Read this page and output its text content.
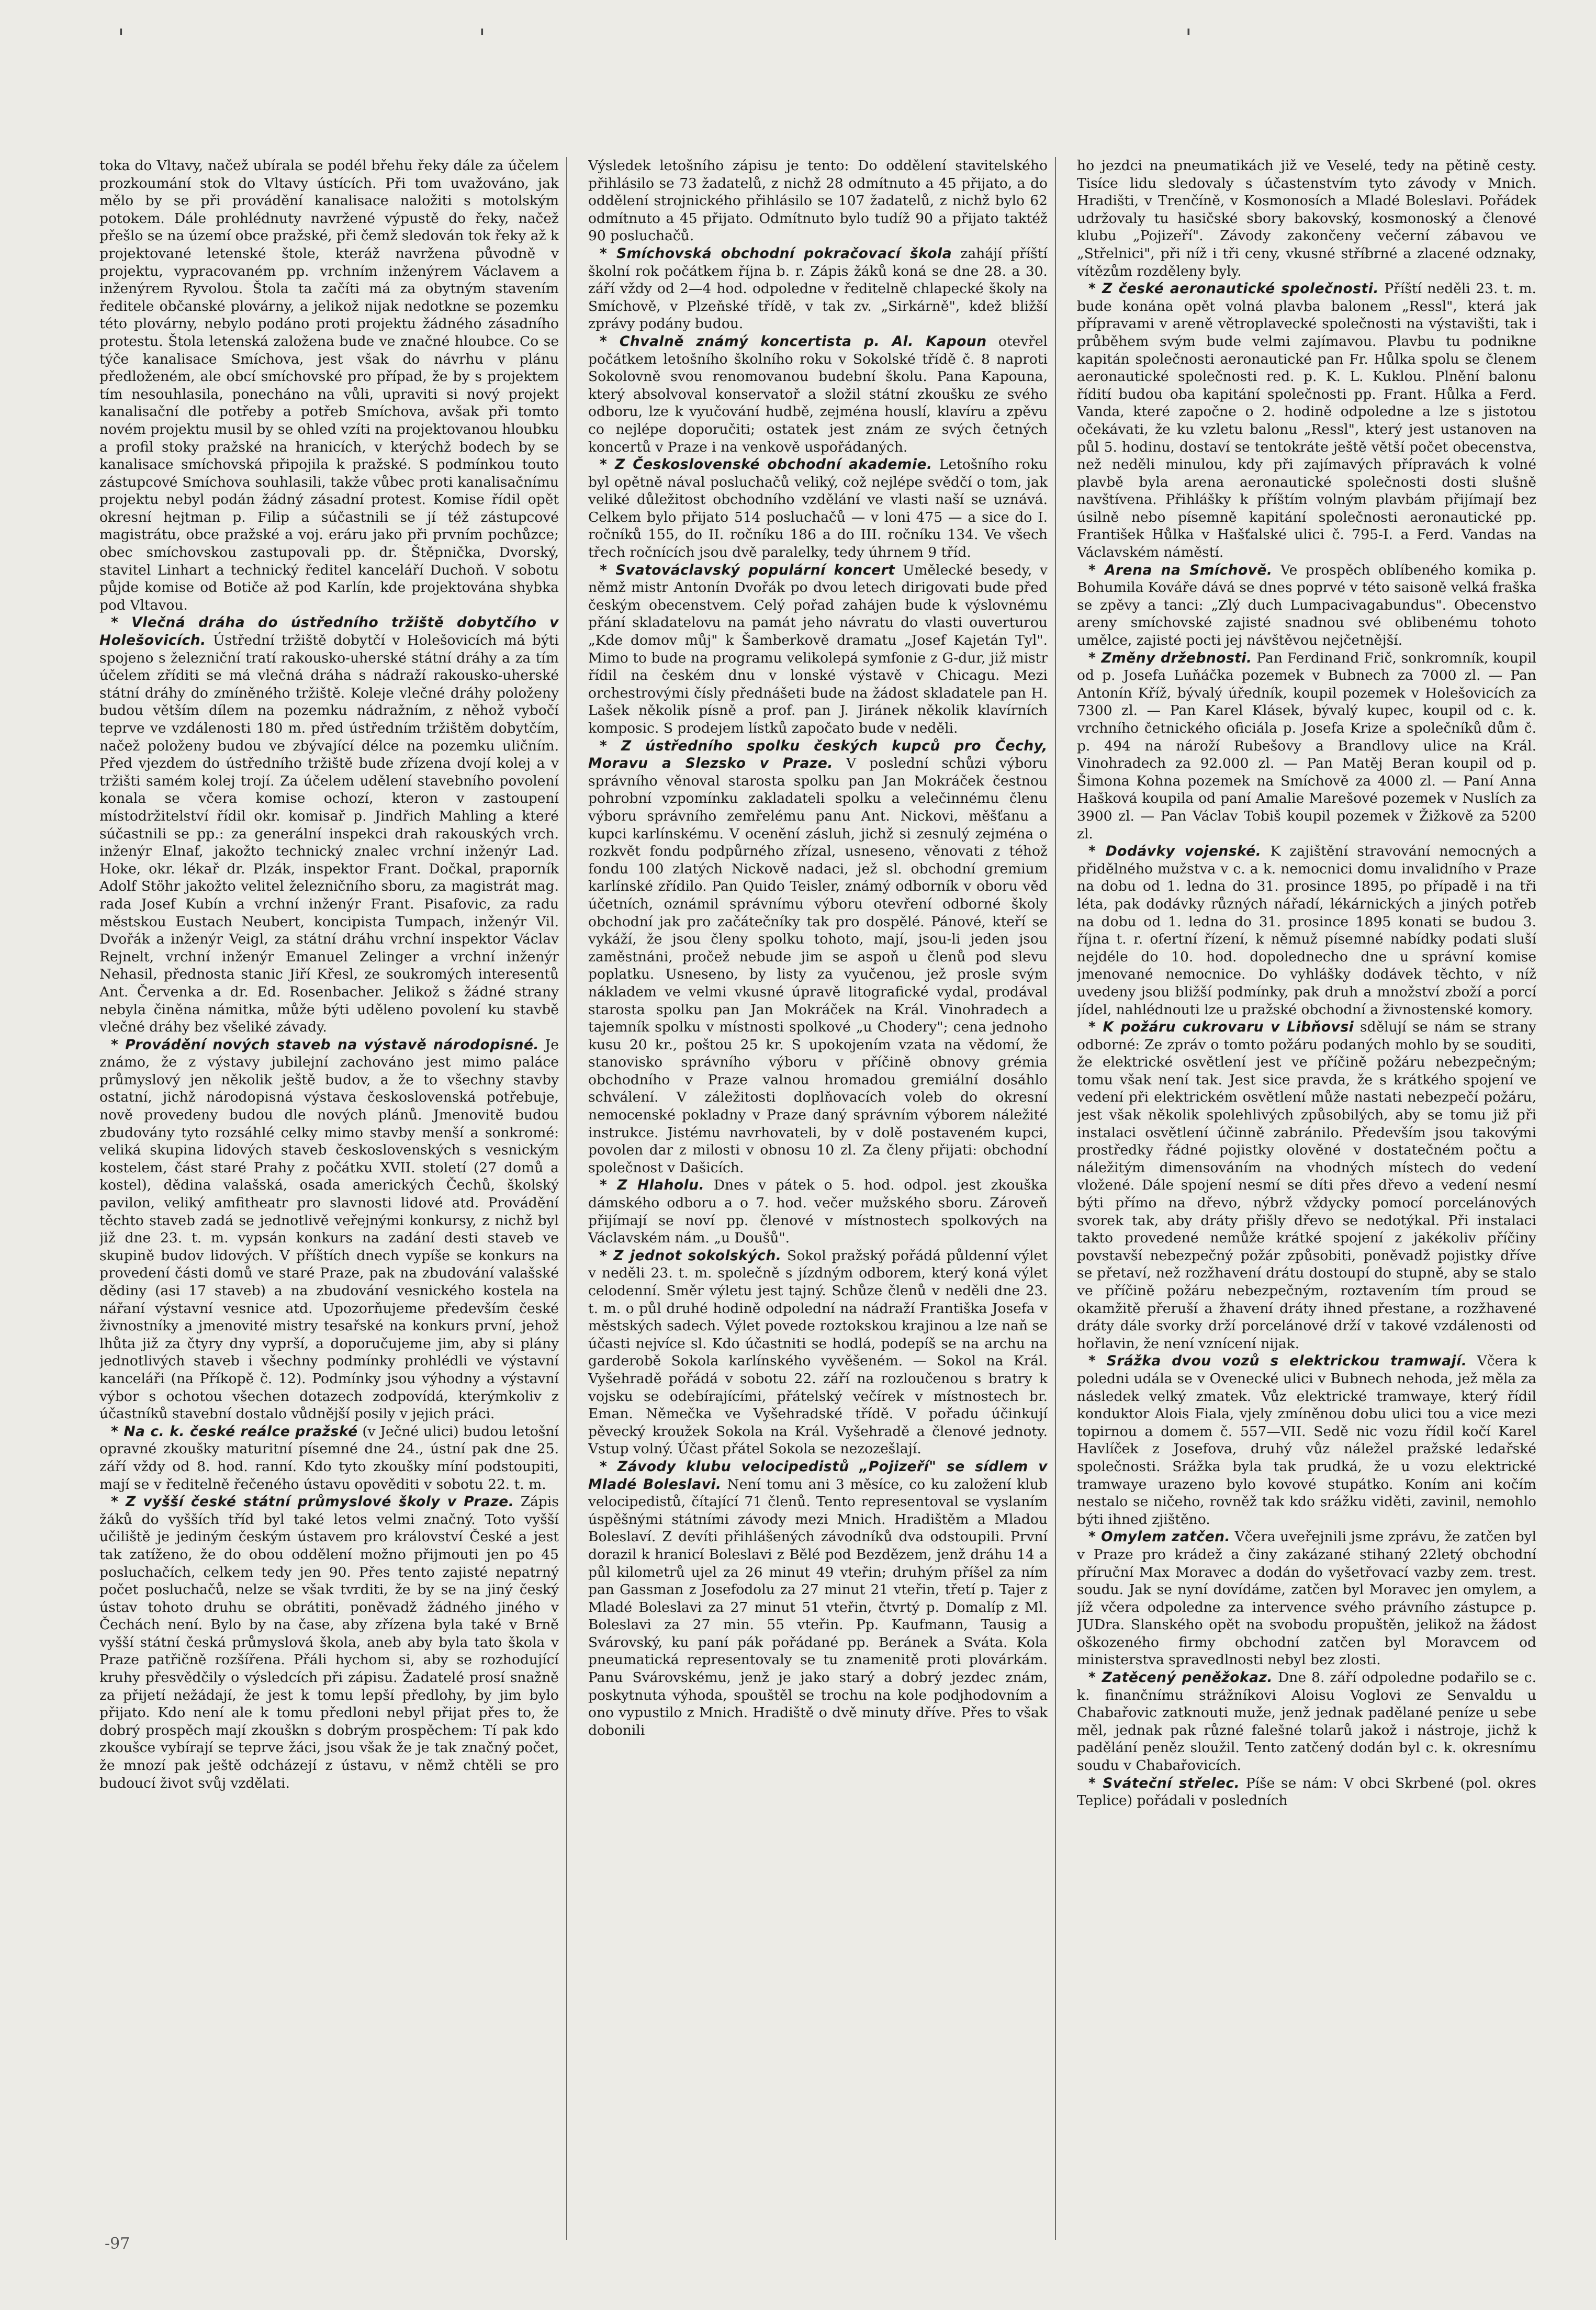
'	'	'

toka do Vltavy, načež ubírala se podél břehu řeky dále za účelem prozkoumání stok do Vltavy ústících. Při tom uvažováno, jak mělo by se při provádění kanalisace naložiti s motolským potokem. Dále prohlédnuty navržené výpustě do řeky, načež přešlo se na území obce pražské, při čemž sledován tok řeky až k projektované letenské štole, kteráž navržena původně v projektu, vypracovaném pp. vrchním inženýrem Václavem a inženýrem Ryvolou. Štola ta začíti má za obytným stavením ředitele občanské plovárny, a jelikož nijak nedotkne se pozemku této plovárny, nebylo podáno proti projektu žádného zásadního protestu. Štola letenská založena bude ve značné hloubce. Co se týče kanalisace Smíchova, jest však do návrhu v plánu předloženém, ale obcí smíchovské pro případ, že by s projektem tím nesouhlasila, ponecháno na vůli, upraviti si nový projekt kanalisační dle potřeby a potřeb Smíchova, avšak při tomto novém projektu musil by se ohled vzíti na projektovanou hloubku a profil stoky pražské na hranicích, v kterýchž bodech by se kanalisace smíchovská připojila k pražské. S podmínkou touto zástupcové Smíchova souhlasili, takže vůbec proti kanalisačnímu projektu nebyl podán žádný zásadní protest. Komise řídil opět okresní hejtman p. Filip a súčastnili se jí též zástupcové magistrátu, obce pražské a voj. eráru jako při prvním pochůzce; obec smíchovskou zastupovali pp. dr. Štěpnička, Dvorský, stavitel Linhart a technický ředitel kanceláří Duchoň. V sobotu půjde komise od Botiče až pod Karlín, kde projektována shybka pod Vltavou.

* Vlečná dráha do ústředního tržiště dobytčího v Holešovicích. Ústřední tržiště dobytčí v Holešovicích má býti spojeno s železniční tratí rakousko-uherské státní dráhy a za tím účelem zříditi se má vlečná dráha s nádraží rakousko-uherské státní dráhy do zmíněného tržiště. Koleje vlečné dráhy položeny budou větším dílem na pozemku nádražním, z něhož vybočí teprve ve vzdálenosti 180 m. před ústředním tržištěm dobytčím, načež položeny budou ve zbývající délce na pozemku uličním. Před vjezdem do ústředního tržiště bude zřízena dvojí kolej a v tržišti samém kolej trojí. Za účelem udělení stavebního povolení konala se včera komise ochozí, kteron v zastoupení místodržitelství řídil okr. komisař p. Jindřich Mahling a které súčastnili se pp.: za generální inspekci drah rakouských vrch. inženýr Elnaf, jakožto technický znalec vrchní inženýr Lad. Hoke, okr. lékař dr. Plzák, inspektor Frant. Dočkal, praporník Adolf Stöhr jakožto velitel železničního sboru, za magistrát mag. rada Josef Kubín a vrchní inženýr Frant. Pisafovic, za radu městskou Eustach Neubert, koncipista Tumpach, inženýr Vil. Dvořák a inženýr Veigl, za státní dráhu vrchní inspektor Václav Rejnelt, vrchní inženýr Emanuel Zelinger a vrchní inženýr Nehasil, přednosta stanic Jiří Křesl, ze soukromých interesentů Ant. Červenka a dr. Ed. Rosenbacher. Jelikož s žádné strany nebyla činěna námitka, může býti uděleno povolení ku stavbě vlečné dráhy bez všeliké závady.

* Provádění nových staveb na výstavě národopisné. Je známo, že z výstavy jubilejní zachováno jest mimo paláce průmyslový jen několik ještě budov, a že to všechny stavby ostatní, jichž národopisná výstava československá potřebuje, nově provedeny budou dle nových plánů. Jmenovitě budou zbudovány tyto rozsáhlé celky mimo stavby menší a sonkromé: veliká skupina lidových staveb československých s vesnickým kostelem, část staré Prahy z počátku XVII. století (27 domů a kostel), dědina valašská, osada amerických Čechů, školský pavilon, veliký amfitheatr pro slavnosti lidové atd. Provádění těchto staveb zadá se jednotlivě veřejnými konkursy, z nichž byl již dne 23. t. m. vypsán konkurs na zadání desti staveb ve skupině budov lidových. V příštích dnech vypíše se konkurs na provedení části domů ve staré Praze, pak na zbudování valašské dědiny (asi 17 staveb) a na zbudování vesnického kostela na nářaní výstavní vesnice atd. Upozorňujeme především české živnostníky a jmenovité mistry tesařské na konkurs první, jehož lhůta již za čtyry dny vyprší, a doporučujeme jim, aby si plány jednotlivých staveb i všechny podmínky prohlédli ve výstavní kanceláři (na Příkopě č. 12). Podmínky jsou výhodny a výstavní výbor s ochotou všechen dotazech zodpovídá, kterýmkoliv z účastníků stavební dostalo vůdnější posily v jejich práci.

* Na c. k. české reálce pražské (v Ječné ulici) budou letošní opravné zkoušky maturitní písemné dne 24., ústní pak dne 25. září vždy od 8. hod. ranní. Kdo tyto zkoušky míní podstoupiti, mají se v ředitelně řečeného ústavu opověditi v sobotu 22. t. m.

* Z vyšší české státní průmyslové školy v Praze. Zápis žáků do vyšších tříd byl také letos velmi značný. Toto vyšší učiliště je jediným českým ústavem pro království České a jest tak zatíženo, že do obou oddělení možno přijmouti jen po 45 posluchačích, celkem tedy jen 90. Přes tento zajisté nepatrný počet posluchačů, nelze se však tvrditi, že by se na jiný český ústav tohoto druhu se obrátiti, poněvadž žádného jiného v Čechách není. Bylo by na čase, aby zřízena byla také v Brně vyšší státní česká průmyslová škola, aneb aby byla tato škola v Praze patřičně rozšířena. Přáli hychom si, aby se rozhodující kruhy přesvědčily o výsledcích při zápisu. Žadatelé prosí snažně za přijetí nežádají, že jest k tomu lepší předlohy, by jim bylo přijato. Kdo není ale k tomu předloni nebyl přijat přes to, že dobrý prospěch mají zkouškn s dobrým prospěchem: Tí pak kdo zkoušce vybírají se teprve žáci, jsou však že je tak značný počet, že mnozí pak ještě odcházejí z ústavu, v němž chtěli se pro budoucí život svůj vzdělati.

Výsledek letošního zápisu je tento: Do oddělení stavitelského přihlásilo se 73 žadatelů, z nichž 28 odmítnuto a 45 přijato, a do oddělení strojnického přihlásilo se 107 žadatelů, z nichž bylo 62 odmítnuto a 45 přijato. Odmítnuto bylo tudíž 90 a přijato taktéž 90 posluchačů.

* Smíchovská obchodní pokračovací škola zahájí příští školní rok počátkem října b. r. Zápis žáků koná se dne 28. a 30. září vždy od 2—4 hod. odpoledne v ředitelně chlapecké školy na Smíchově, v Plzeňské třídě, v tak zv. „Sirkárně", kdež bližší zprávy podány budou.

* Chvalně známý koncertista p. Al. Kapoun otevřel počátkem letošního školního roku v Sokolské třídě č. 8 naproti Sokolovně svou renomovanou budební školu. Pana Kapouna, který absolvoval konservatoř a složil státní zkoušku ze svého odboru, lze k vyučování hudbě, zejména houslí, klavíru a zpěvu co nejlépe doporučiti; ostatek jest znám ze svých četných koncertů v Praze i na venkově uspořádaných.

* Z Československé obchodní akademie. Letošního roku byl opětně nával posluchačů veliký, což nejlépe svědčí o tom, jak veliké důležitost obchodního vzdělání ve vlasti naší se uznává. Celkem bylo přijato 514 posluchačů — v loni 475 — a sice do I. ročníků 155, do II. ročníku 186 a do III. ročníku 134. Ve všech třech ročnících jsou dvě paralelky, tedy úhrnem 9 tříd.

* Svatováclavský populární koncert Umělecké besedy, v němž mistr Antonín Dvořák po dvou letech dirigovati bude před českým obecenstvem. Celý pořad zahájen bude k výslovnému přání skladatelovu na památ jeho návratu do vlasti ouverturou „Kde domov můj" k Šamberkově dramatu „Josef Kajetán Tyl". Mimo to bude na programu velikolepá symfonie z G-dur, již mistr řídil na českém dnu v lonské výstavě v Chicagu. Mezi orchestrovými čísly přednášeti bude na žádost skladatele pan H. Lašek několik písně a prof. pan J. Jiránek několik klavírních komposic. S prodejem lístků započato bude v neděli.

* Z ústředního spolku českých kupců pro Čechy, Moravu a Slezsko v Praze. V poslední schůzi výboru správního věnoval starosta spolku pan Jan Mokráček čestnou pohrobní vzpomínku zakladateli spolku a velečinnému členu výboru správního zemřelému panu Ant. Nickovi, měšťanu a kupci karlínskému. V ocenění zásluh, jichž si zesnulý zejména o rozkvět fondu podpůrného zřízal, usneseno, věnovati z téhož fondu 100 zlatých Nickově nadaci, jež sl. obchodní gremium karlínské zřídilo. Pan Quido Teisler, známý odborník v oboru věd účetních, oznámil správnímu výboru otevření odborné školy obchodní jak pro začátečníky tak pro dospělé. Pánové, kteří se vykáží, že jsou členy spolku tohoto, mají, jsou-li jeden jsou zaměstnáni, pročež nebude jim se aspoň u členů pod slevu poplatku. Usneseno, by listy za vyučenou, jež prosle svým nákladem ve velmi vkusné úpravě litografické vydal, prodával starosta spolku pan Jan Mokráček na Král. Vinohradech a tajemník spolku v místnosti spolkové „u Chodery"; cena jednoho kusu 20 kr., poštou 25 kr. S upokojením vzata na vědomí, že stanovisko správního výboru v příčině obnovy grémia obchodního v Praze valnou hromadou gremiální dosáhlo schválení. V záležitosti doplňovacích voleb do okresní nemocenské pokladny v Praze daný správním výborem náležité instrukce. Jistému navrhovateli, by v dolě postaveném kupci, povolen dar z milosti v obnosu 10 zl. Za členy přijati: obchodní společnost v Dašicích.

* Z Hlaholu. Dnes v pátek o 5. hod. odpol. jest zkouška dámského odboru a o 7. hod. večer mužského sboru. Zároveň přijímají se noví pp. členové v místnostech spolkových na Václavském nám. „u Doušů".

* Z jednot sokolských. Sokol pražský pořádá půldenní výlet v neděli 23. t. m. společně s jízdným odborem, který koná výlet celodenní. Směr výletu jest tajný. Schůze členů v neděli dne 23. t. m. o půl druhé hodině odpolední na nádraží Františka Josefa v městských sadech. Výlet povede roztokskou krajinou a lze naň se účasti nejvíce sl. Kdo účastniti se hodlá, podepíš se na archu na garderobě Sokola karlínského vyvěšeném. — Sokol na Král. Vyšehradě pořádá v sobotu 22. září na rozloučenou s bratry k vojsku se odebírajícími, přátelský večírek v místnostech br. Eman. Němečka ve Vyšehradské třídě. V pořadu účinkují pěvecký kroužek Sokola na Král. Vyšehradě a členové jednoty. Vstup volný. Účast přátel Sokola se nezozešlají.

* Závody klubu velocipedistů „Pojizeří" se sídlem v Mladé Boleslavi. Není tomu ani 3 měsíce, co ku založení klub velocipedistů, čítající 71 členů. Tento representoval se vyslaním úspěšnými státními závody mezi Mnich. Hradištěm a Mladou Boleslaví. Z devíti přihlášených závodníků dva odstoupili. První dorazil k hranicí Boleslavi z Bělé pod Bezdězem, jenž dráhu 14 a půl kilometrů ujel za 26 minut 49 vteřin; druhým příšel za ním pan Gassman z Josefodolu za 27 minut 21 vteřin, třetí p. Tajer z Mladé Boleslavi za 27 minut 51 vteřin, čtvrtý p. Domalíp z Ml. Boleslavi za 27 min. 55 vteřin. Pp. Kaufmann, Tausig a Svárovský, ku paní pák pořádané pp. Beránek a Sváta. Kola pneumatická representovaly se tu znamenitě proti plovárkám. Panu Svárovskému, jenž je jako starý a dobrý jezdec znám, poskytnuta výhoda, spouštěl se trochu na kole podjhodovním a ono vypustilo z Mnich. Hradiště o dvě minuty dříve. Přes to však dobonili

ho jezdci na pneumatikách již ve Veselé, tedy na pětině cesty. Tisíce lidu sledovaly s účastenstvím tyto závody v Mnich. Hradišti, v Trenčíně, v Kosmonosích a Mladé Boleslavi. Pořádek udržovaly tu hasičské sbory bakovský, kosmonoský a členové klubu „Pojizeří". Závody zakončeny večerní zábavou ve „Střelnici", při níž i tři ceny, vkusné stříbrné a zlacené odznaky, vítězům rozděleny byly.

* Z české aeronautické společnosti. Příští neděli 23. t. m. bude konána opět volná plavba balonem „Ressl", která jak přípravami v areně větroplavecké společnosti na výstavišti, tak i průběhem svým bude velmi zajímavou. Plavbu tu podnikne kapitán společnosti aeronautické pan Fr. Hůlka spolu se členem aeronautické společnosti red. p. K. L. Kuklou. Plnění balonu řídití budou oba kapitání společnosti pp. Frant. Hůlka a Ferd. Vanda, které započne o 2. hodině odpoledne a lze s jistotou očekávati, že ku vzletu balonu „Ressl", který jest ustanoven na půl 5. hodinu, dostaví se tentokráte ještě větší počet obecenstva, než neděli minulou, kdy při zajímavých přípravách k volné plavbě byla arena aeronautické společnosti dosti slušně navštívena. Přihlášky k příštím volným plavbám přijímají bez úsilně nebo písemně kapitání společnosti aeronautické pp. František Hůlka v Hašťalské ulici č. 795-I. a Ferd. Vandas na Václavském náměstí.

* Arena na Smíchově. Ve prospěch oblíbeného komika p. Bohumila Kováře dává se dnes poprvé v této saisoně velká fraška se zpěvy a tanci: „Zlý duch Lumpacivagabundus". Obecenstvo areny smíchovské zajisté snadnou své oblibenému tohoto umělce, zajisté pocti jej návštěvou nejčetnější.

* Změny držebnosti. Pan Ferdinand Frič, sonkromník, koupil od p. Josefa Luňáčka pozemek v Bubnech za 7000 zl. — Pan Antonín Kříž, bývalý úředník, koupil pozemek v Holešovicích za 7300 zl. — Pan Karel Klásek, bývalý kupec, koupil od c. k. vrchního četnického oficiála p. Josefa Krize a společníků dům č. p. 494 na nároží Rubešovy a Brandlovy ulice na Král. Vinohradech za 92.000 zl. — Pan Matěj Beran koupil od p. Šimona Kohna pozemek na Smíchově za 4000 zl. — Paní Anna Hašková koupila od paní Amalie Marešové pozemek v Nuslích za 3900 zl. — Pan Václav Tobiš koupil pozemek v Žižkově za 5200 zl.

* Dodávky vojenské. K zajištění stravování nemocných a přidělného mužstva v c. a k. nemocnici domu invalidního v Praze na dobu od 1. ledna do 31. prosince 1895, po případě i na tři léta, pak dodávky různých nářadí, lékárnických a jiných potřeb na dobu od 1. ledna do 31. prosince 1895 konati se budou 3. října t. r. ofertní řízení, k němuž písemné nabídky podati sluší nejdéle do 10. hod. dopolednecho dne u správní komise jmenované nemocnice. Do vyhlášky dodávek těchto, v níž uvedeny jsou bližší podmínky, pak druh a množství zboží a porcí jídel, nahlédnouti lze u pražské obchodní a živnostenské komory.

* K požáru cukrovaru v Libňovsi sdělují se nám se strany odborné: Ze zpráv o tomto požáru podaných mohlo by se souditi, že elektrické osvětlení jest ve příčině požáru nebezpečným; tomu však není tak. Jest sice pravda, že s krátkého spojení ve vedení při elektrickém osvětlení může nastati nebezpečí požáru, jest však několik spolehlivých způsobilých, aby se tomu již při instalaci osvětlení účinně zabránilo. Především jsou takovými prostředky řádné pojistky olověné v dostatečném počtu a náležitým dimensováním na vhodných místech do vedení vložené. Dále spojení nesmí se díti přes dřevo a vedení nesmí býti přímo na dřevo, nýbrž vždycky pomocí porcelánových svorek tak, aby dráty přišly dřevo se nedotýkal. Při instalaci takto provedené nemůže krátké spojení z jakékoliv příčiny povstavší nebezpečný požár způsobiti, poněvadž pojistky dříve se přetaví, než rozžhavení drátu dostoupí do stupně, aby se stalo ve příčině požáru nebezpečným, roztavením tím proud se okamžitě přeruší a žhavení dráty ihned přestane, a rozžhavené dráty dále svorky drží porcelánové drží v takové vzdálenosti od hořlavin, že není vznícení nijak.

* Srážka dvou vozů s elektrickou tramwají. Včera k poledni udála se v Ovenecké ulici v Bubnech nehoda, jež měla za následek velký zmatek. Vůz elektrické tramwaye, který řídil konduktor Alois Fiala, vjely zmíněnou dobu ulici tou a vice mezi topirnou a domem č. 557—VII. Sedě nic vozu řídil kočí Karel Havlíček z Josefova, druhý vůz náležel pražské ledařské společnosti. Srážka byla tak prudká, že u vozu elektrické tramwaye urazeno bylo kovové stupátko. Koním ani kočím nestalo se ničeho, rovněž tak kdo srážku viděti, zavinil, nemohlo býti ihned zjištěno.

* Omylem zatčen. Včera uveřejnili jsme zprávu, že zatčen byl v Praze pro krádež a činy zakázané stihaný 22letý obchodní příruční Max Moravec a dodán do vyšetřovací vazby zem. trest. soudu. Jak se nyní dovídáme, zatčen byl Moravec jen omylem, a jíž včera odpoledne za intervence svého právního zástupce p. JUDra. Slanského opět na svobodu propuštěn, jelikož na žádost oškozeného firmy obchodní zatčen byl Moravcem od ministerstva spravedlnosti nebyl bez zlosti.

* Zatěcený peněžokaz. Dne 8. září odpoledne podařilo se c. k. finančnímu strážníkovi Aloisu Voglovi ze Senvaldu u Chabařovic zatknouti muže, jenž jednak padělané peníze u sebe měl, jednak pak různé falešné tolarů jakož i nástroje, jichž k padělání peněz sloužil. Tento zatčený dodán byl c. k. okresnímu soudu v Chabařovicích.

* Sváteční střelec. Píše se nám: V obci Skrbené (pol. okres Teplice) pořádali v posledních

-97
